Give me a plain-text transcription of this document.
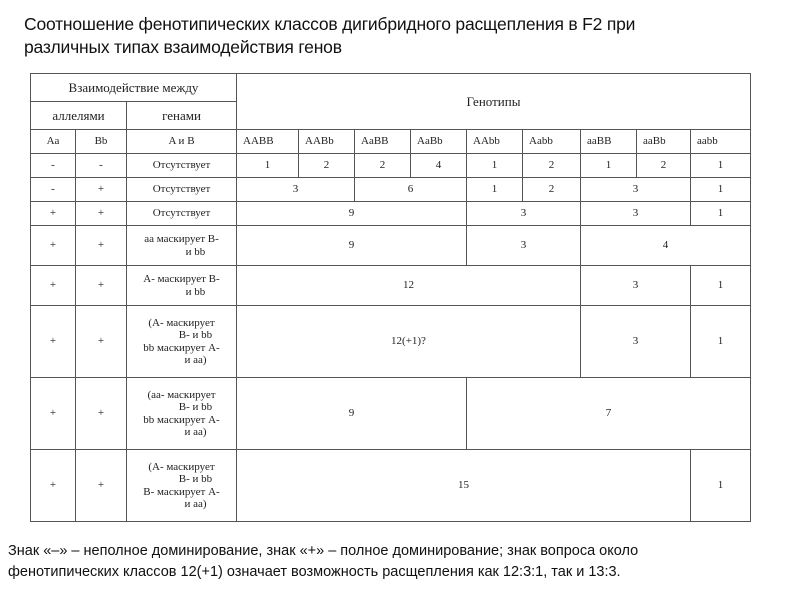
Соотношение фенотипических классов дигибридного расщепления в F2 при
различных типах взаимодействия генов
Взаимодействие между			Генотипы								
аллелями		генами									
Aa	Bb	A и B	AABB	AABb	AaBB	AaBb	AAbb	Aabb	aaBB	aaBb	aabb
-	-	Отсутствует	1	2	2	4	1	2	1	2	1
-	+	Отсутствует	3		6		1	2	3		1
+	+	Отсутствует	9				3		3		1
+	+	аа маскирует В-
и bb	9				3		4		
+	+	А- маскирует В-
и bb	12						3		1
+	+	(А- маскирует
В- и bb
bb маскирует А-
и аа)	12(+1)?						3		1
+	+	(аа- маскирует
В- и bb
bb маскирует А-
и аа)	9				7				
+	+	(А- маскирует
В- и bb
В- маскирует А-
и аа)	15								1
Знак «–» – неполное доминирование, знак «+» – полное доминирование; знак вопроса около
фенотипических классов 12(+1) означает возможность расщепления как 12:3:1, так и 13:3.
